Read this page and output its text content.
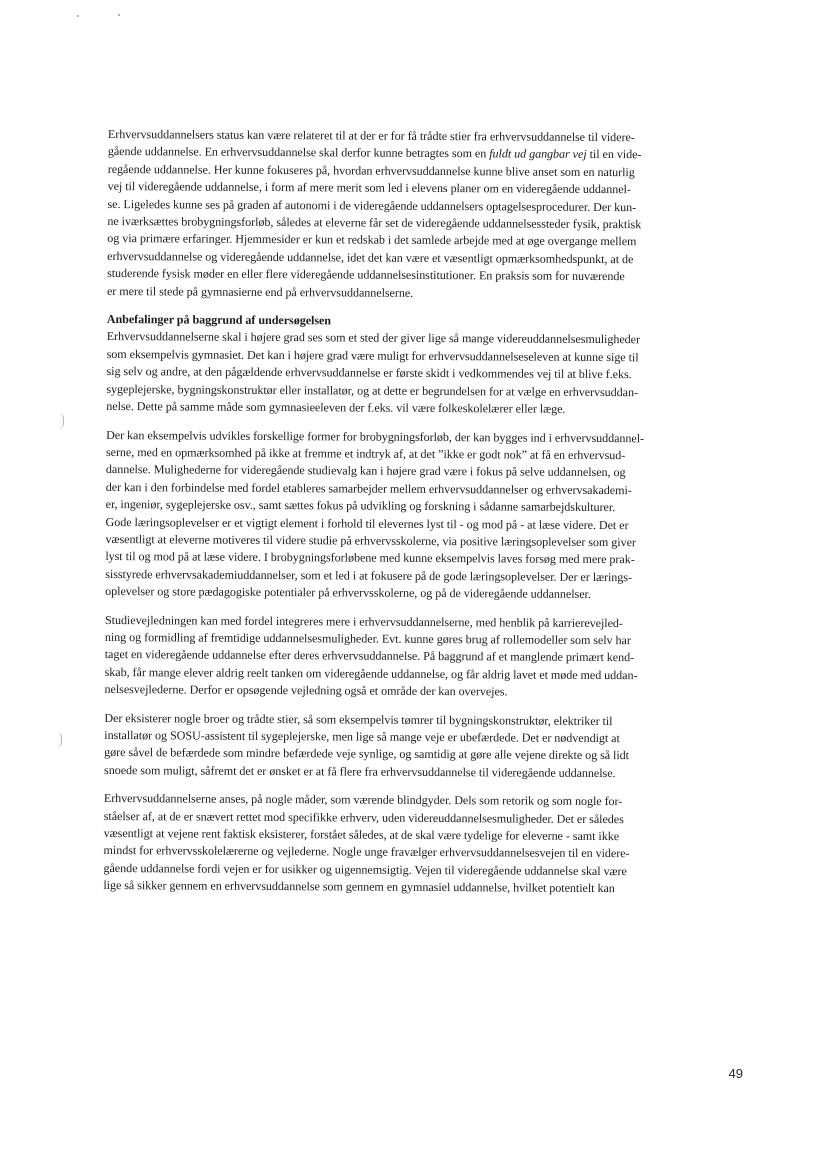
Erhvervsuddannelsers status kan være relateret til at der er for få trådte stier fra erhvervsuddannelse til videre-
gående uddannelse. En erhvervsuddannelse skal derfor kunne betragtes som en fuldt ud gangbar vej til en vide-
regående uddannelse. Her kunne fokuseres på, hvordan erhvervsuddannelse kunne blive anset som en naturlig
vej til videregående uddannelse, i form af mere merit som led i elevens planer om en videregående uddannel-
se. Ligeledes kunne ses på graden af autonomi i de videregående uddannelsers optagelsesprocedurer. Der kun-
ne iværksættes brobygningsforløb, således at eleverne får set de videregående uddannelsessteder fysik, praktisk
og via primære erfaringer. Hjemmesider er kun et redskab i det samlede arbejde med at øge overgange mellem
erhvervsuddannelse og videregående uddannelse, idet det kan være et væsentligt opmærksomhedspunkt, at de
studerende fysisk møder en eller flere videregående uddannelsesinstitutioner. En praksis som for nuværende
er mere til stede på gymnasierne end på erhvervsuddannelserne.
Anbefalinger på baggrund af undersøgelsen
Erhvervsuddannelserne skal i højere grad ses som et sted der giver lige så mange videreuddannelsesmuligheder
som eksempelvis gymnasiet. Det kan i højere grad være muligt for erhvervsuddannelseseleven at kunne sige til
sig selv og andre, at den pågældende erhvervsuddannelse er første skidt i vedkommendes vej til at blive f.eks.
sygeplejerske, bygningskonstruktør eller installatør, og at dette er begrundelsen for at vælge en erhvervsuddan-
nelse. Dette på samme måde som gymnasieeleven der f.eks. vil være folkeskolelærer eller læge.
Der kan eksempelvis udvikles forskellige former for brobygningsforløb, der kan bygges ind i erhvervsuddannel-
serne, med en opmærksomhed på ikke at fremme et indtryk af, at det ”ikke er godt nok” at få en erhvervsud-
dannelse. Mulighederne for videregående studievalg kan i højere grad være i fokus på selve uddannelsen, og
der kan i den forbindelse med fordel etableres samarbejder mellem erhvervsuddannelser og erhvervsakademi-
er, ingeniør, sygeplejerske osv., samt sættes fokus på udvikling og forskning i sådanne samarbejdskulturer.
Gode læringsoplevelser er et vigtigt element i forhold til elevernes lyst til - og mod på - at læse videre. Det er
væsentligt at eleverne motiveres til videre studie på erhvervsskolerne, via positive læringsoplevelser som giver
lyst til og mod på at læse videre. I brobygningsforløbene med kunne eksempelvis laves forsøg med mere prak-
sisstyrede erhvervsakademiuddannelser, som et led i at fokusere på de gode læringsoplevelser. Der er lærings-
oplevelser og store pædagogiske potentialer på erhvervsskolerne, og på de videregående uddannelser.
Studievejledningen kan med fordel integreres mere i erhvervsuddannelserne, med henblik på karrierevejled-
ning og formidling af fremtidige uddannelsesmuligheder. Evt. kunne gøres brug af rollemodeller som selv har
taget en videregående uddannelse efter deres erhvervsuddannelse. På baggrund af et manglende primært kend-
skab, får mange elever aldrig reelt tanken om videregående uddannelse, og får aldrig lavet et møde med uddan-
nelsesvejlederne. Derfor er opsøgende vejledning også et område der kan overvejes.
Der eksisterer nogle broer og trådte stier, så som eksempelvis tømrer til bygningskonstruktør, elektriker til
installatør og SOSU-assistent til sygeplejerske, men lige så mange veje er ubefærdede. Det er nødvendigt at
gøre såvel de befærdede som mindre befærdede veje synlige, og samtidig at gøre alle vejene direkte og så lidt
snoede som muligt, såfremt det er ønsket er at få flere fra erhvervsuddannelse til videregående uddannelse.
Erhvervsuddannelserne anses, på nogle måder, som værende blindgyder. Dels som retorik og som nogle for-
ståelser af, at de er snævert rettet mod specifikke erhverv, uden videreuddannelsesmuligheder. Det er således
væsentligt at vejene rent faktisk eksisterer, forstået således, at de skal være tydelige for eleverne - samt ikke
mindst for erhvervsskolelærerne og vejlederne. Nogle unge fravælger erhvervsuddannelsesvejen til en videre-
gående uddannelse fordi vejen er for usikker og uigennemsigtig. Vejen til videregående uddannelse skal være
lige så sikker gennem en erhvervsuddannelse som gennem en gymnasiel uddannelse, hvilket potentielt kan
49
